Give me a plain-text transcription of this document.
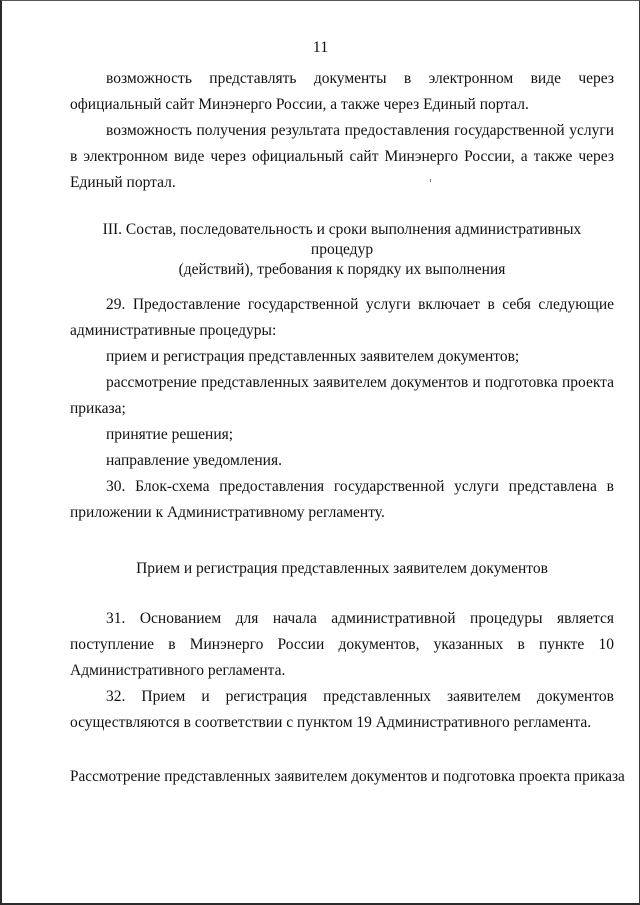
11

возможность представлять документы в электронном виде через официальный сайт Минэнерго России, а также через Единый портал.

возможность получения результата предоставления государственной услуги в электронном виде через официальный сайт Минэнерго России, а также через Единый портал.

III. Состав, последовательность и сроки выполнения административных процедур

(действий), требования к порядку их выполнения

29. Предоставление государственной услуги включает в себя следующие административные процедуры:

прием и регистрация представленных заявителем документов;

рассмотрение представленных заявителем документов и подготовка проекта приказа;

принятие решения;

направление уведомления.

30. Блок-схема предоставления государственной услуги представлена в приложении к Административному регламенту.

Прием и регистрация представленных заявителем документов

31. Основанием для начала административной процедуры является поступление в Минэнерго России документов, указанных в пункте 10 Административного регламента.

32. Прием и регистрация представленных заявителем документов осуществляются в соответствии с пунктом 19 Административного регламента.

Рассмотрение представленных заявителем документов и подготовка проекта приказа
